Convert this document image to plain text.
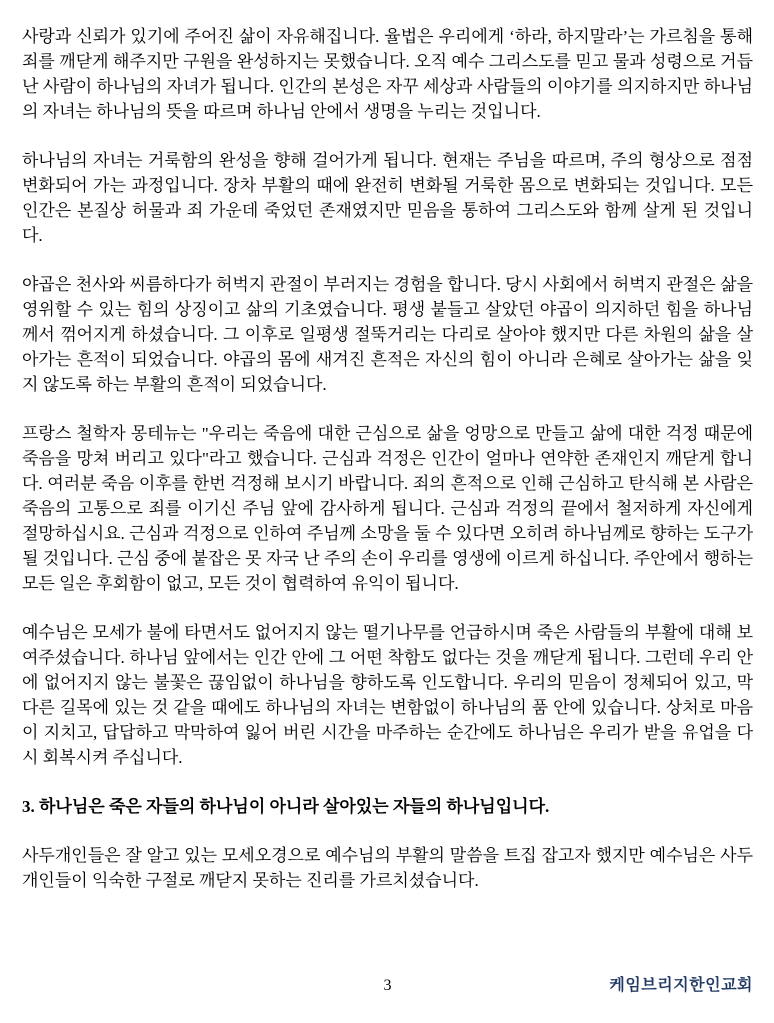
사랑과 신뢰가 있기에 주어진 삶이 자유해집니다. 율법은 우리에게 ‘하라, 하지말라’는 가르침을 통해 죄를 깨닫게 해주지만 구원을 완성하지는 못했습니다. 오직 예수 그리스도를 믿고 물과 성령으로 거듭난 사람이 하나님의 자녀가 됩니다. 인간의 본성은 자꾸 세상과 사람들의 이야기를 의지하지만 하나님의 자녀는 하나님의 뜻을 따르며 하나님 안에서 생명을 누리는 것입니다.

하나님의 자녀는 거룩함의 완성을 향해 걸어가게 됩니다. 현재는 주님을 따르며, 주의 형상으로 점점 변화되어 가는 과정입니다. 장차 부활의 때에 완전히 변화될 거룩한 몸으로 변화되는 것입니다. 모든 인간은 본질상 허물과 죄 가운데 죽었던 존재였지만 믿음을 통하여 그리스도와 함께 살게 된 것입니다.

야곱은 천사와 씨름하다가 허벅지 관절이 부러지는 경험을 합니다. 당시 사회에서 허벅지 관절은 삶을 영위할 수 있는 힘의 상징이고 삶의 기초였습니다. 평생 붙들고 살았던 야곱이 의지하던 힘을 하나님께서 꺾어지게 하셨습니다. 그 이후로 일평생 절뚝거리는 다리로 살아야 했지만 다른 차원의 삶을 살아가는 흔적이 되었습니다. 야곱의 몸에 새겨진 흔적은 자신의 힘이 아니라 은혜로 살아가는 삶을 잊지 않도록 하는 부활의 흔적이 되었습니다.

프랑스 철학자 몽테뉴는 "우리는 죽음에 대한 근심으로 삶을 엉망으로 만들고 삶에 대한 걱정 때문에 죽음을 망쳐 버리고 있다"라고 했습니다. 근심과 걱정은 인간이 얼마나 연약한 존재인지 깨닫게 합니다. 여러분 죽음 이후를 한번 걱정해 보시기 바랍니다. 죄의 흔적으로 인해 근심하고 탄식해 본 사람은 죽음의 고통으로 죄를 이기신 주님 앞에 감사하게 됩니다. 근심과 걱정의 끝에서 철저하게 자신에게 절망하십시요. 근심과 걱정으로 인하여 주님께 소망을 둘 수 있다면 오히려 하나님께로 향하는 도구가 될 것입니다. 근심 중에 붙잡은 못 자국 난 주의 손이 우리를 영생에 이르게 하십니다. 주안에서 행하는 모든 일은 후회함이 없고, 모든 것이 협력하여 유익이 됩니다.

예수님은 모세가 불에 타면서도 없어지지 않는 떨기나무를 언급하시며 죽은 사람들의 부활에 대해 보여주셨습니다. 하나님 앞에서는 인간 안에 그 어떤 착함도 없다는 것을 깨닫게 됩니다. 그런데 우리 안에 없어지지 않는 불꽃은 끊임없이 하나님을 향하도록 인도합니다. 우리의 믿음이 정체되어 있고, 막다른 길목에 있는 것 같을 때에도 하나님의 자녀는 변함없이 하나님의 품 안에 있습니다. 상처로 마음이 지치고, 답답하고 막막하여 잃어 버린 시간을 마주하는 순간에도 하나님은 우리가 받을 유업을 다시 회복시켜 주십니다.

3. 하나님은 죽은 자들의 하나님이 아니라 살아있는 자들의 하나님입니다.

사두개인들은 잘 알고 있는 모세오경으로 예수님의 부활의 말씀을 트집 잡고자 했지만 예수님은 사두개인들이 익숙한 구절로 깨닫지 못하는 진리를 가르치셨습니다.

3	케임브리지한인교회
